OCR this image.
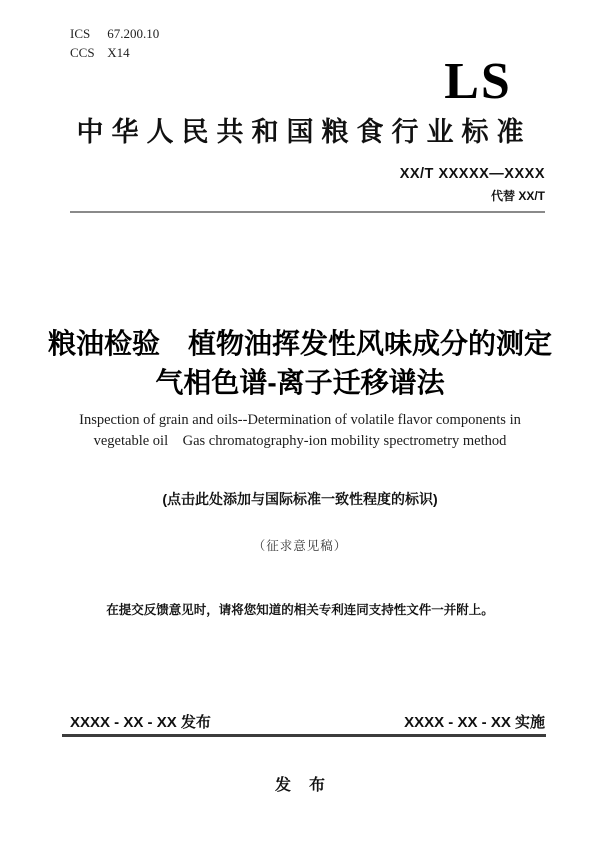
ICS 67.200.10
CCS X14
LS
中华人民共和国粮食行业标准
XX/T XXXXX—XXXX
代替 XX/T
粮油检验　植物油挥发性风味成分的测定
气相色谱-离子迁移谱法
Inspection of grain and oils--Determination of volatile flavor components in
vegetable oil　Gas chromatography-ion mobility spectrometry method
(点击此处添加与国际标准一致性程度的标识)
（征求意见稿）
在提交反馈意见时，请将您知道的相关专利连同支持性文件一并附上。
XXXX - XX - XX 发布	XXXX - XX - XX 实施
发布
